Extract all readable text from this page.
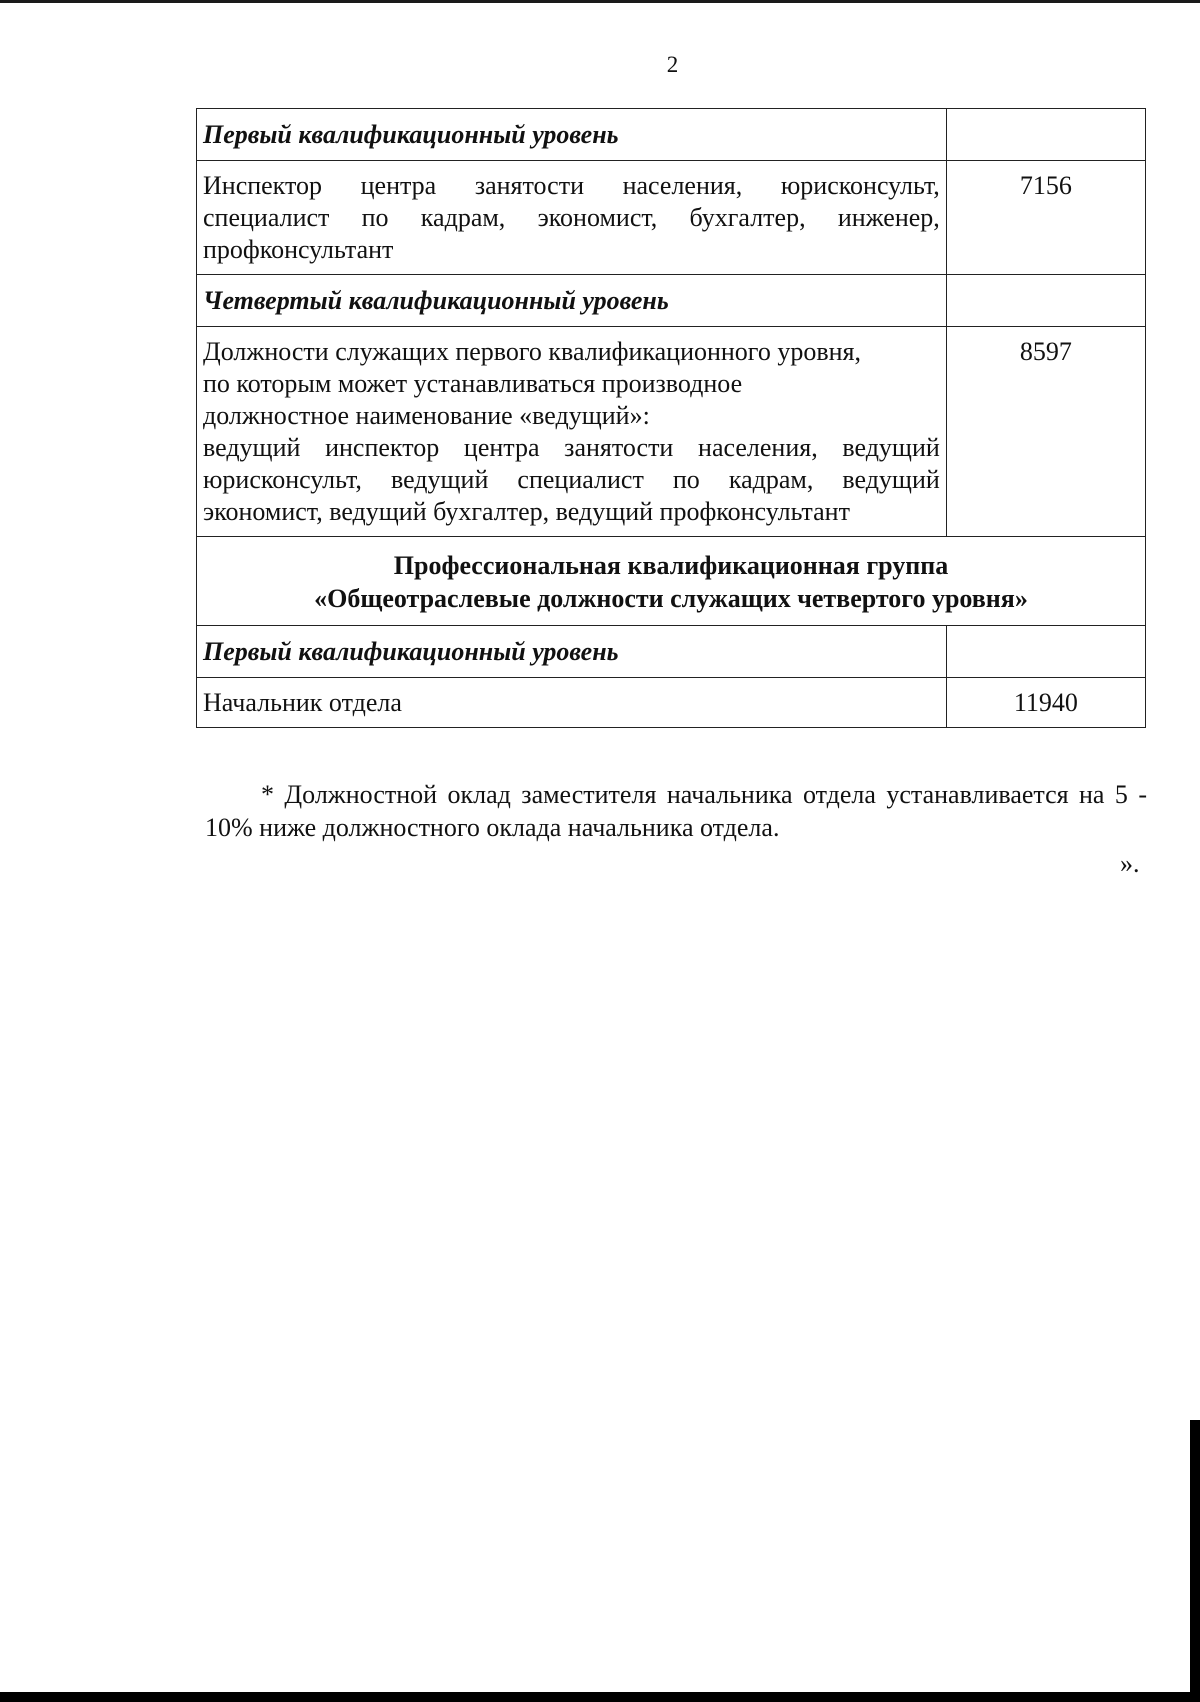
2
Первый квалификационный уровень	

Инспектор центра занятости населения, юрисконсульт, специалист по кадрам, экономист, бухгалтер, инженер, профконсультант	7156
Четвертый квалификационный уровень	

Должности служащих первого квалификационного уровня,
по которым может устанавливаться производное
должностное наименование «ведущий»:
ведущий инспектор центра занятости населения, ведущий юрисконсульт, ведущий специалист по кадрам, ведущий экономист, ведущий бухгалтер, ведущий профконсультант	8597

Профессиональная квалификационная группа
«Общеотраслевые должности служащих четвертого уровня»	

Первый квалификационный уровень	

Начальник отдела	11940
* Должностной оклад заместителя начальника отдела устанавливается на 5 - 10% ниже должностного оклада начальника отдела.
».
